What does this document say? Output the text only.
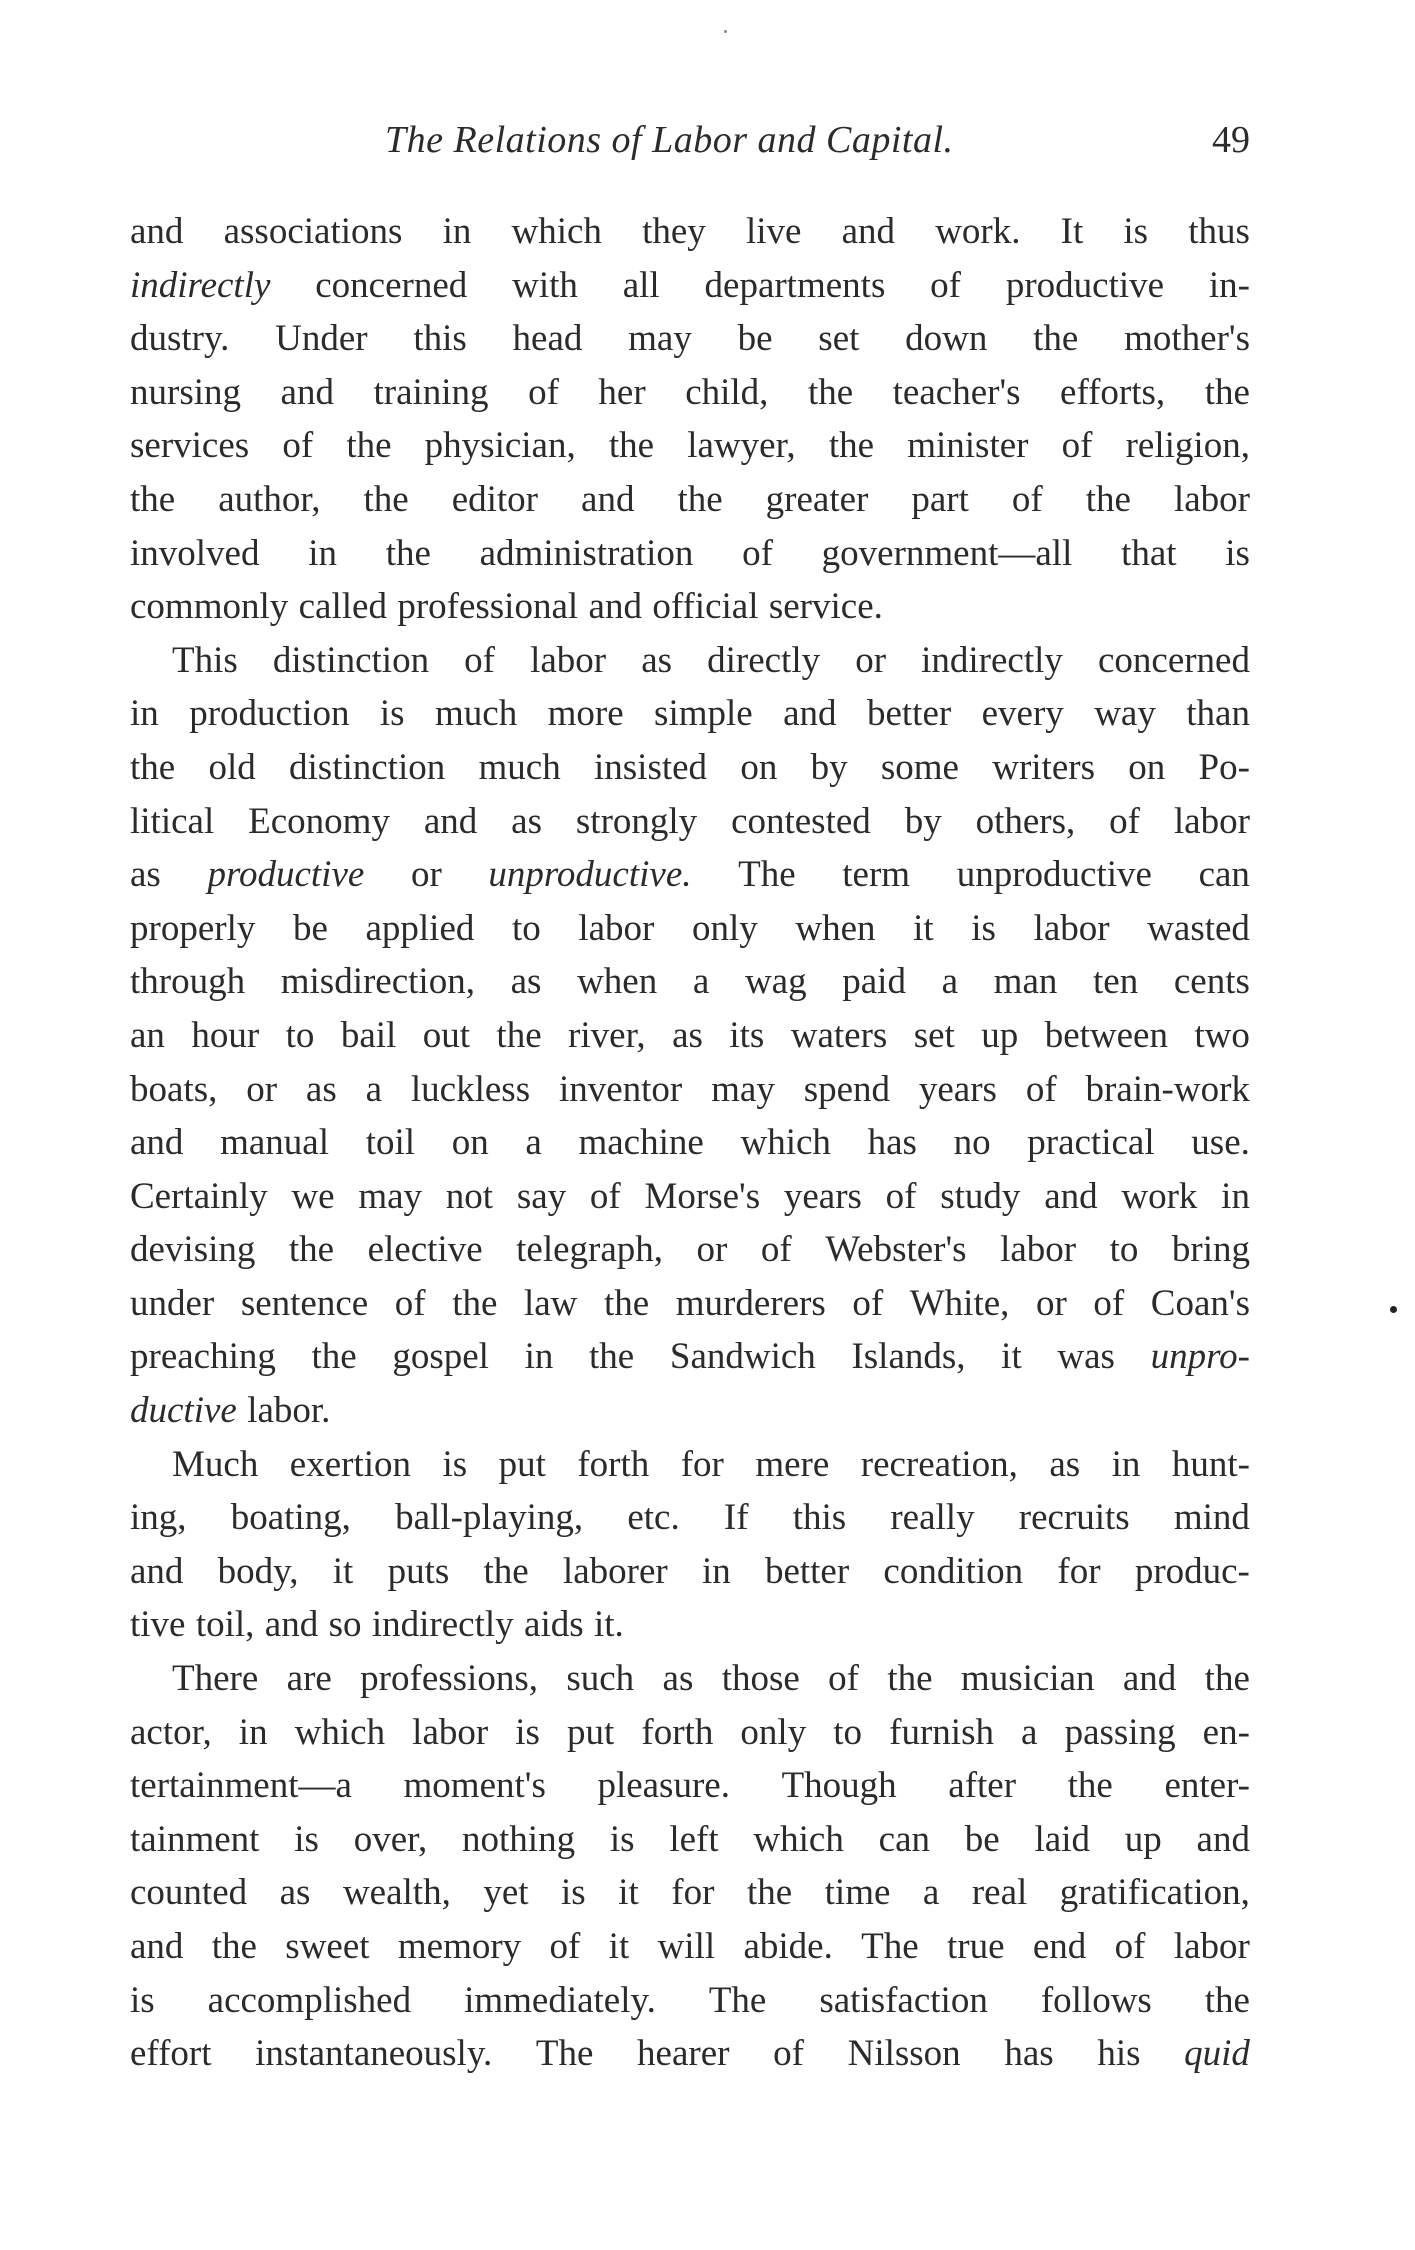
The Relations of Labor and Capital.	49
and associations in which they live and work. It is thus
indirectly concerned with all departments of productive in-
dustry. Under this head may be set down the mother's
nursing and training of her child, the teacher's efforts, the
services of the physician, the lawyer, the minister of religion,
the author, the editor and the greater part of the labor
involved in the administration of government—all that is
commonly called professional and official service.
This distinction of labor as directly or indirectly concerned
in production is much more simple and better every way than
the old distinction much insisted on by some writers on Po-
litical Economy and as strongly contested by others, of labor
as productive or unproductive. The term unproductive can
properly be applied to labor only when it is labor wasted
through misdirection, as when a wag paid a man ten cents
an hour to bail out the river, as its waters set up between two
boats, or as a luckless inventor may spend years of brain-work
and manual toil on a machine which has no practical use.
Certainly we may not say of Morse's years of study and work in
devising the elective telegraph, or of Webster's labor to bring
under sentence of the law the murderers of White, or of Coan's
preaching the gospel in the Sandwich Islands, it was unpro-
ductive labor.
Much exertion is put forth for mere recreation, as in hunt-
ing, boating, ball-playing, etc. If this really recruits mind
and body, it puts the laborer in better condition for produc-
tive toil, and so indirectly aids it.
There are professions, such as those of the musician and the
actor, in which labor is put forth only to furnish a passing en-
tertainment—a moment's pleasure. Though after the enter-
tainment is over, nothing is left which can be laid up and
counted as wealth, yet is it for the time a real gratification,
and the sweet memory of it will abide. The true end of labor
is accomplished immediately. The satisfaction follows the
effort instantaneously. The hearer of Nilsson has his quid
